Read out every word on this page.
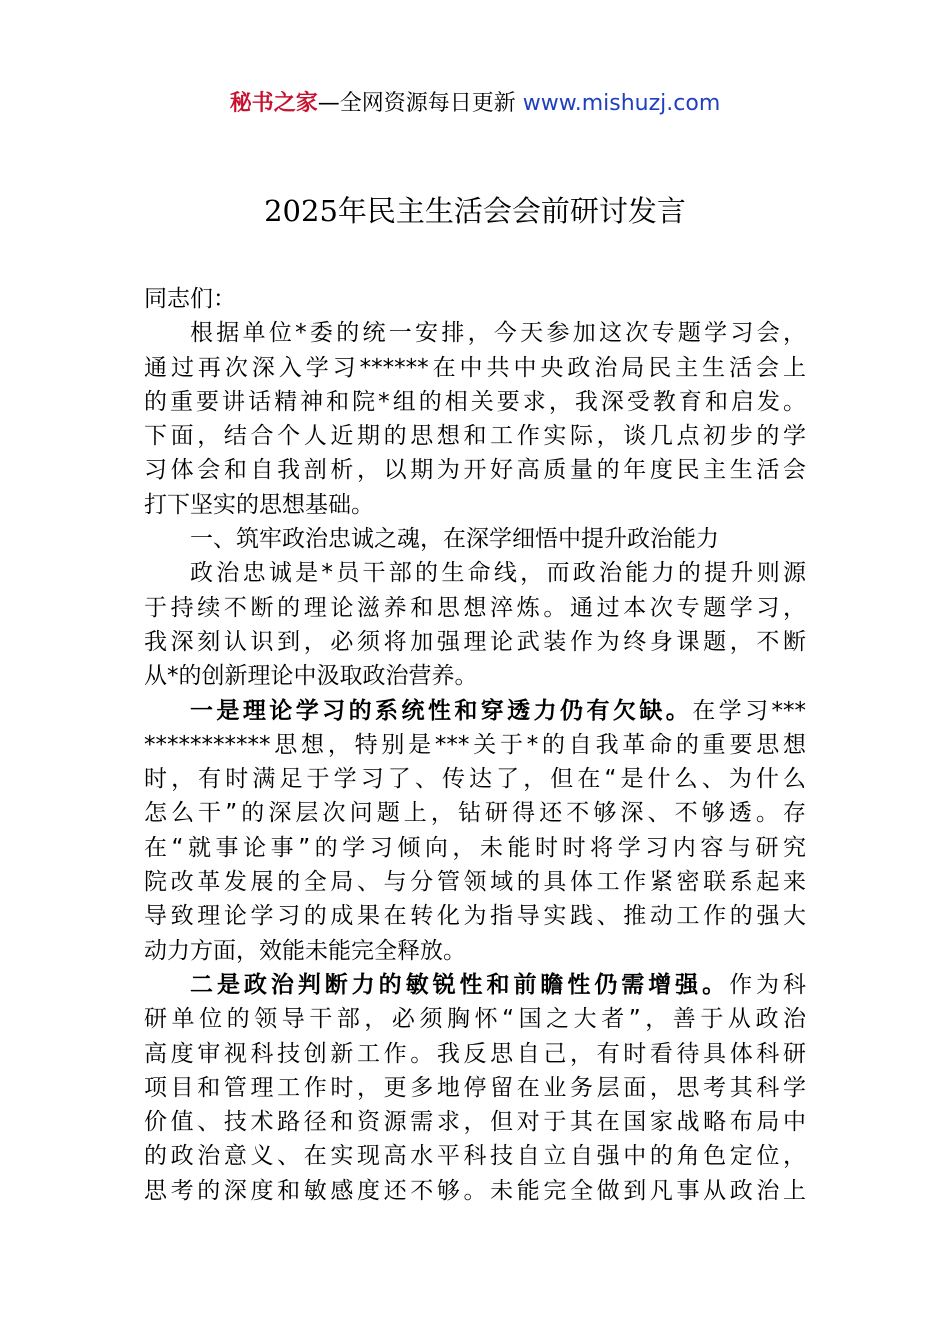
秘书之家—全网资源每日更新 www.mishuzj.com
2025年民主生活会会前研讨发言
同志们：
根据单位*委的统一安排，今天参加这次专题学习会，
通过再次深入学习******在中共中央政治局民主生活会上
的重要讲话精神和院*组的相关要求，我深受教育和启发。
下面，结合个人近期的思想和工作实际，谈几点初步的学
习体会和自我剖析，以期为开好高质量的年度民主生活会
打下坚实的思想基础。
一、筑牢政治忠诚之魂，在深学细悟中提升政治能力
政治忠诚是*员干部的生命线，而政治能力的提升则源
于持续不断的理论滋养和思想淬炼。通过本次专题学习，
我深刻认识到，必须将加强理论武装作为终身课题，不断
从*的创新理论中汲取政治营养。
一是理论学习的系统性和穿透力仍有欠缺。在学习***
***********思想，特别是***关于*的自我革命的重要思想
时，有时满足于学习了、传达了，但在“是什么、为什么
怎么干”的深层次问题上，钻研得还不够深、不够透。存
在“就事论事”的学习倾向，未能时时将学习内容与研究
院改革发展的全局、与分管领域的具体工作紧密联系起来
导致理论学习的成果在转化为指导实践、推动工作的强大
动力方面，效能未能完全释放。
二是政治判断力的敏锐性和前瞻性仍需增强。作为科
研单位的领导干部，必须胸怀“国之大者”，善于从政治
高度审视科技创新工作。我反思自己，有时看待具体科研
项目和管理工作时，更多地停留在业务层面，思考其科学
价值、技术路径和资源需求，但对于其在国家战略布局中
的政治意义、在实现高水平科技自立自强中的角色定位，
思考的深度和敏感度还不够。未能完全做到凡事从政治上
